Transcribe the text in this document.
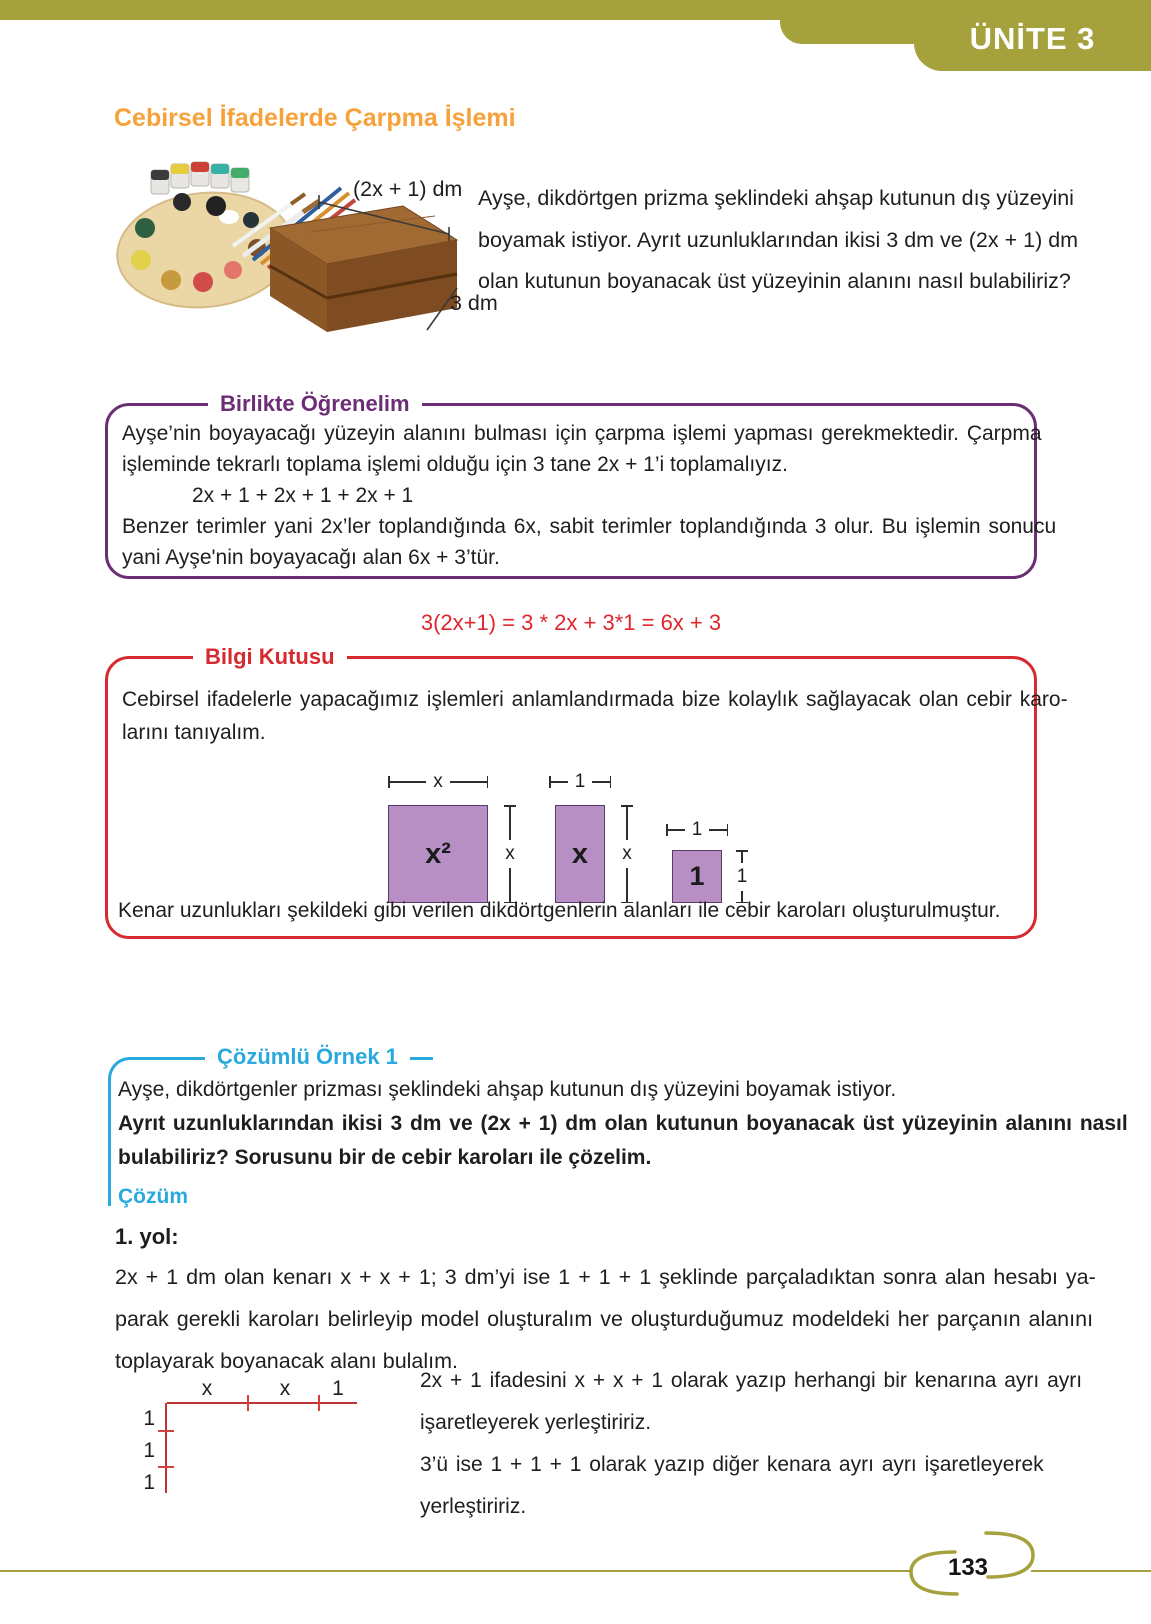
ÜNİTE 3
Cebirsel İfadelerde Çarpma İşlemi
(2x + 1) dm
3 dm
Ayşe, dikdörtgen prizma şeklindeki ahşap kutunun dış yüzeyini
boyamak istiyor. Ayrıt uzunluklarından ikisi 3 dm ve (2x + 1) dm
olan kutunun boyanacak üst yüzeyinin alanını nasıl bulabiliriz?
Birlikte Öğrenelim
Ayşe’nin boyayacağı yüzeyin alanını bulması için çarpma işlemi yapması gerekmektedir. Çarpma
işleminde tekrarlı toplama işlemi olduğu için 3 tane 2x + 1’i toplamalıyız.
2x + 1 + 2x + 1 + 2x + 1
Benzer terimler yani 2x’ler toplandığında 6x, sabit terimler toplandığında 3 olur. Bu işlemin sonucu
yani Ayşe'nin boyayacağı alan 6x + 3’tür.
3(2x+1) = 3 * 2x + 3*1 = 6x + 3
Bilgi Kutusu
Cebirsel ifadelerle yapacağımız işlemleri anlamlandırmada bize kolaylık sağlayacak olan cebir karo-
larını tanıyalım.
x²
x
x x
1
x
1
1
1
Kenar uzunlukları şekildeki gibi verilen dikdörtgenlerin alanları ile cebir karoları oluşturulmuştur.
Çözümlü Örnek 1
Ayşe, dikdörtgenler prizması şeklindeki ahşap kutunun dış yüzeyini boyamak istiyor.
Ayrıt uzunluklarından ikisi 3 dm ve (2x + 1) dm olan kutunun boyanacak üst yüzeyinin alanını nasıl
bulabiliriz? Sorusunu bir de cebir karoları ile çözelim.
Çözüm
1. yol:
2x + 1 dm olan kenarı x + x + 1; 3 dm’yi ise 1 + 1 + 1 şeklinde parçaladıktan sonra alan hesabı ya-
parak gerekli karoları belirleyip model oluşturalım ve oluşturduğumuz modeldeki her parçanın alanını
toplayarak boyanacak alanı bulalım.
x	x 1
1
1
1
2x + 1 ifadesini x + x + 1 olarak yazıp herhangi bir kenarına ayrı ayrı
işaretleyerek yerleştiririz.
3’ü ise 1 + 1 + 1 olarak yazıp diğer kenara ayrı ayrı işaretleyerek
yerleştiririz.
133
